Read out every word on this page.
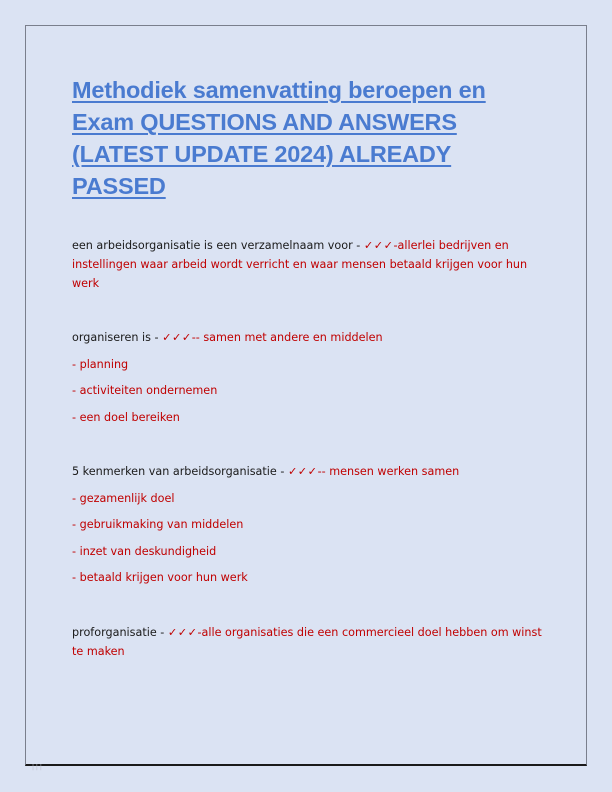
Methodiek samenvatting beroepen en Exam QUESTIONS AND ANSWERS (LATEST UPDATE 2024) ALREADY PASSED

een arbeidsorganisatie is een verzamelnaam voor - ✓✓✓-allerlei bedrijven en instellingen waar arbeid wordt verricht en waar mensen betaald krijgen voor hun werk

organiseren is - ✓✓✓-- samen met andere en middelen

- planning
- activiteiten ondernemen
- een doel bereiken

5 kenmerken van arbeidsorganisatie - ✓✓✓-- mensen werken samen

- gezamenlijk doel
- gebruikmaking van middelen
- inzet van deskundigheid
- betaald krijgen voor hun werk

proforganisatie - ✓✓✓-alle organisaties die een commercieel doel hebben om winst te maken

| | |
